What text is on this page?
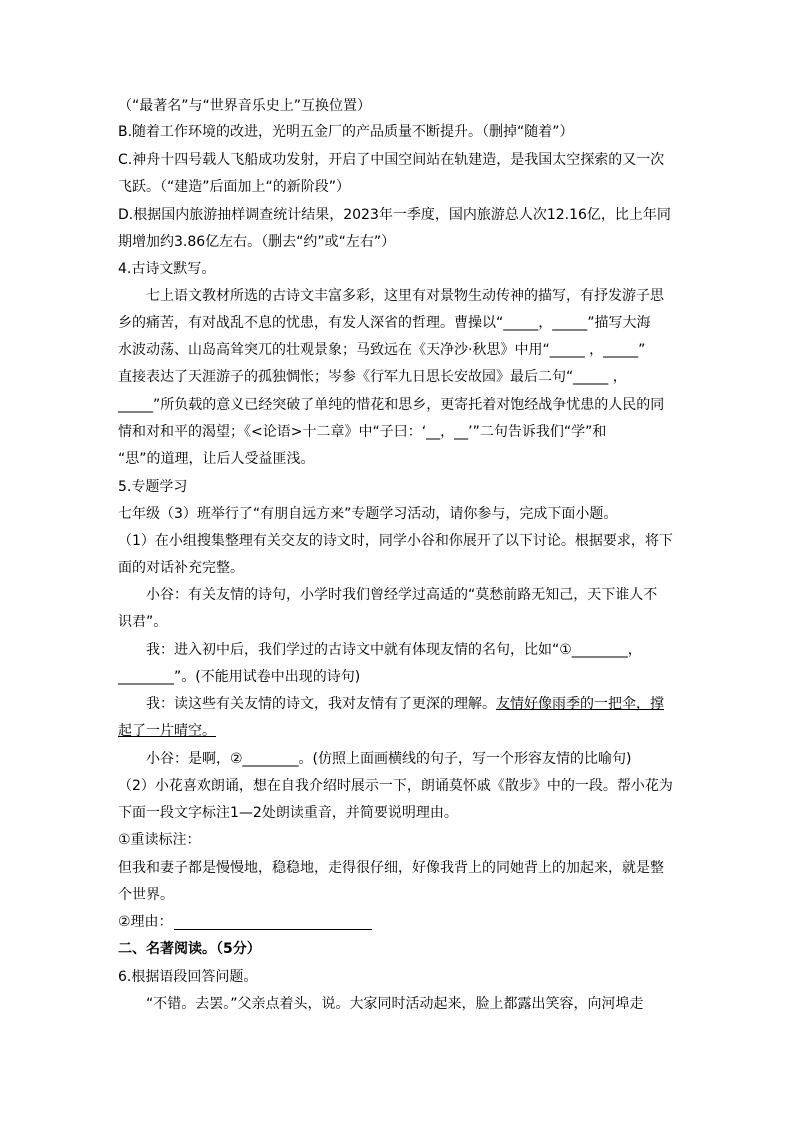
（“最著名”与“世界音乐史上”互换位置）
B.随着工作环境的改进，光明五金厂的产品质量不断提升。（删掉“随着”）
C.神舟十四号载人飞船成功发射，开启了中国空间站在轨建造，是我国太空探索的又一次
飞跃。（“建造”后面加上“的新阶段”）
D.根据国内旅游抽样调查统计结果，2023年一季度，国内旅游总人次12.16亿，比上年同
期增加约3.86亿左右。（删去“约”或“左右”）
4.古诗文默写。
七上语文教材所选的古诗文丰富多彩，这里有对景物生动传神的描写，有抒发游子思
乡的痛苦，有对战乱不息的忧患，有发人深省的哲理。曹操以“_____，_____”描写大海
水波动荡、山岛高耸突兀的壮观景象；马致远在《天净沙·秋思》中用“_____ ，_____”
直接表达了天涯游子的孤独惆怅；岑参《行军九日思长安故园》最后二句“_____ ，
_____”所负载的意义已经突破了单纯的惜花和思乡，更寄托着对饱经战争忧患的人民的同
情和对和平的渴望；《<论语>十二章》中“子曰：‘__，__’”二句告诉我们“学”和
“思”的道理，让后人受益匪浅。
5.专题学习
七年级（3）班举行了“有朋自远方来”专题学习活动，请你参与，完成下面小题。
（1）在小组搜集整理有关交友的诗文时，同学小谷和你展开了以下讨论。根据要求，将下
面的对话补充完整。
小谷：有关友情的诗句，小学时我们曾经学过高适的“莫愁前路无知己，天下谁人不
识君”。
我：进入初中后，我们学过的古诗文中就有体现友情的名句，比如“①________，
________”。(不能用试卷中出现的诗句)
我：读这些有关友情的诗文，我对友情有了更深的理解。友情好像雨季的一把伞，撑
起了一片晴空。
小谷：是啊，②________。(仿照上面画横线的句子，写一个形容友情的比喻句)
（2）小花喜欢朗诵，想在自我介绍时展示一下，朗诵莫怀戚《散步》中的一段。帮小花为
下面一段文字标注1—2处朗读重音，并简要说明理由。
①重读标注：
但我和妻子都是慢慢地，稳稳地，走得很仔细，好像我背上的同她背上的加起来，就是整
个世界。
②理由：
二、名著阅读。（5分）
6.根据语段回答问题。
“不错。去罢。”父亲点着头，说。大家同时活动起来，脸上都露出笑容，向河埠走
